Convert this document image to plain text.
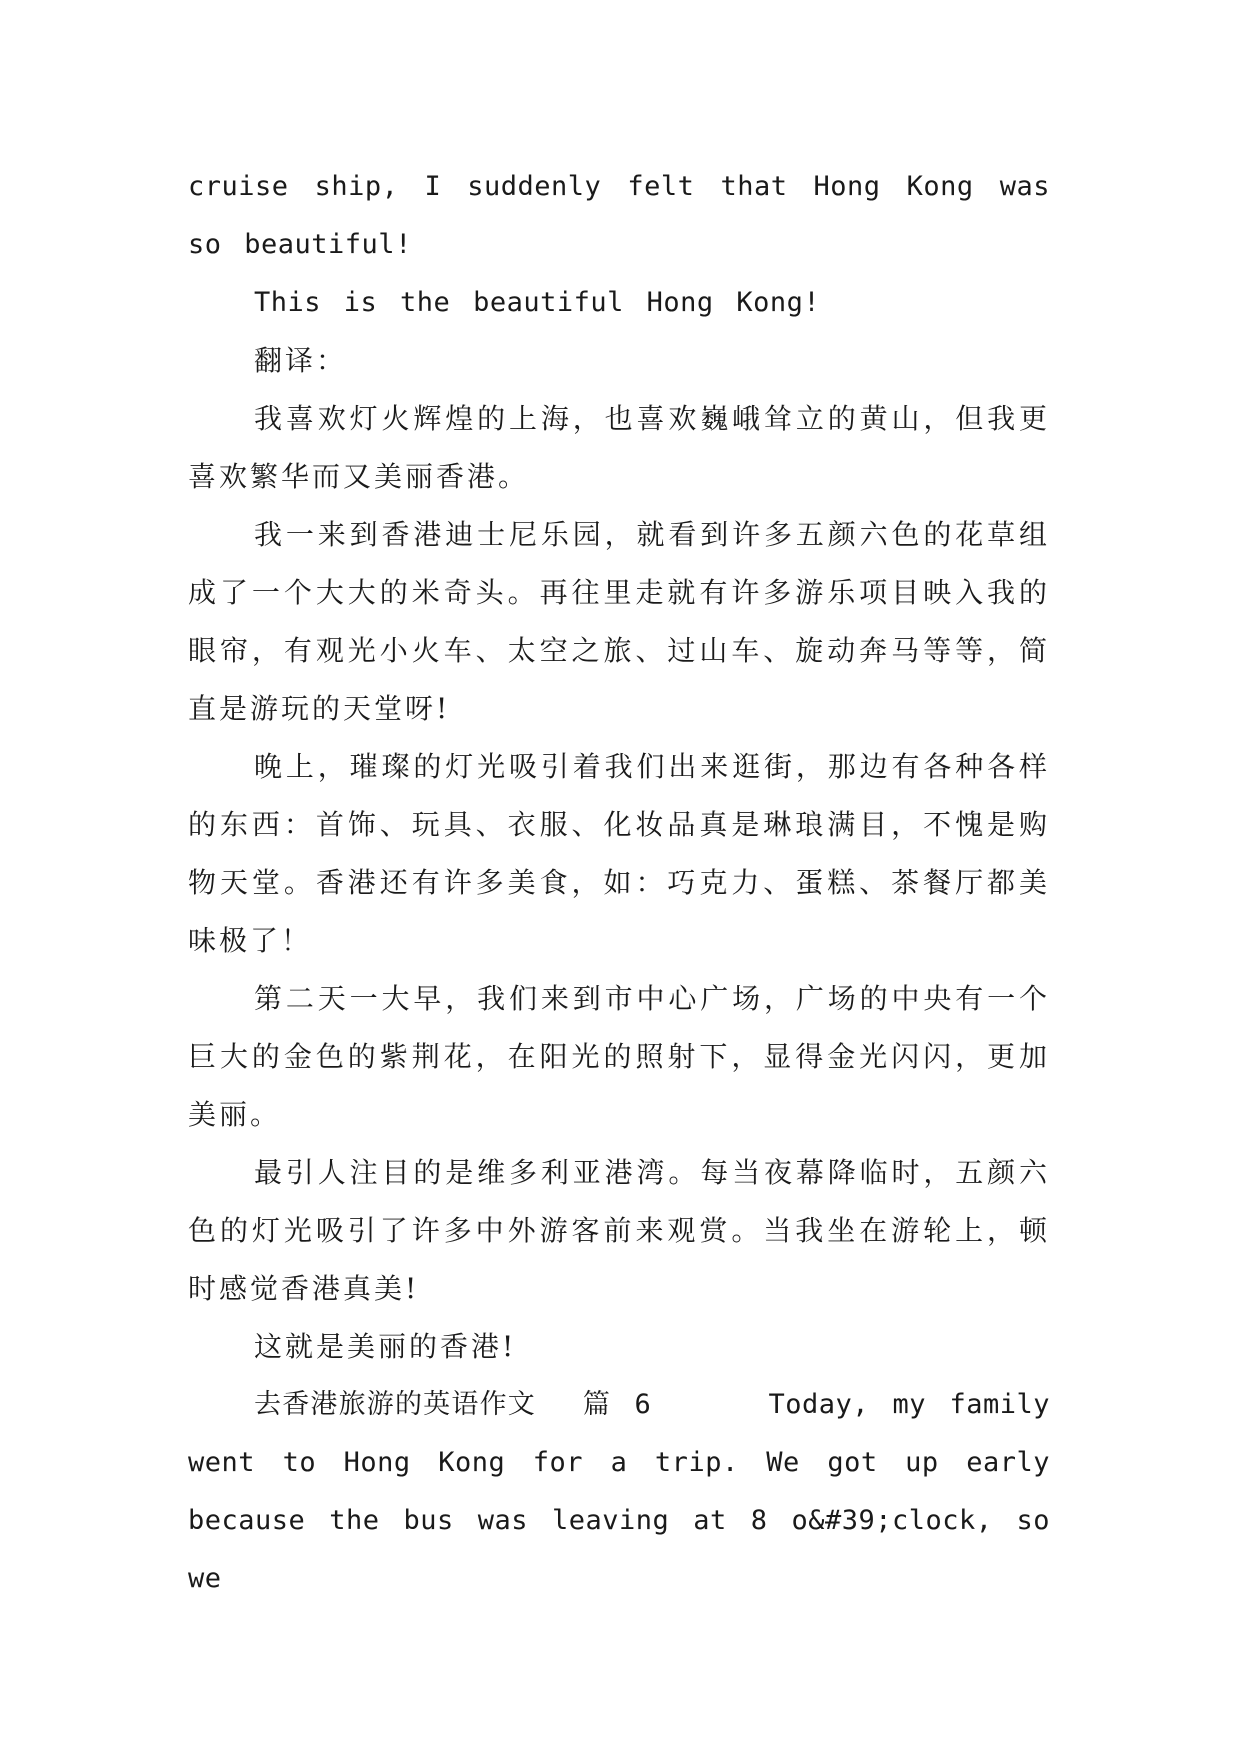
cruise ship, I suddenly felt that Hong Kong was so beautiful!

This is the beautiful Hong Kong!

翻译：

我喜欢灯火辉煌的上海，也喜欢巍峨耸立的黄山，但我更喜欢繁华而又美丽香港。

我一来到香港迪士尼乐园，就看到许多五颜六色的花草组成了一个大大的米奇头。再往里走就有许多游乐项目映入我的眼帘，有观光小火车、太空之旅、过山车、旋动奔马等等，简直是游玩的天堂呀!

晚上，璀璨的灯光吸引着我们出来逛街，那边有各种各样的东西：首饰、玩具、衣服、化妆品真是琳琅满目，不愧是购物天堂。香港还有许多美食，如：巧克力、蛋糕、茶餐厅都美味极了！

第二天一大早，我们来到市中心广场，广场的中央有一个巨大的金色的紫荆花，在阳光的照射下，显得金光闪闪，更加美丽。

最引人注目的是维多利亚港湾。每当夜幕降临时，五颜六色的灯光吸引了许多中外游客前来观赏。当我坐在游轮上，顿时感觉香港真美!

这就是美丽的香港!

去香港旅游的英语作文  篇 6     Today, my family went to Hong Kong for a trip. We got up early because the bus was leaving at 8 o&#39;clock, so we
